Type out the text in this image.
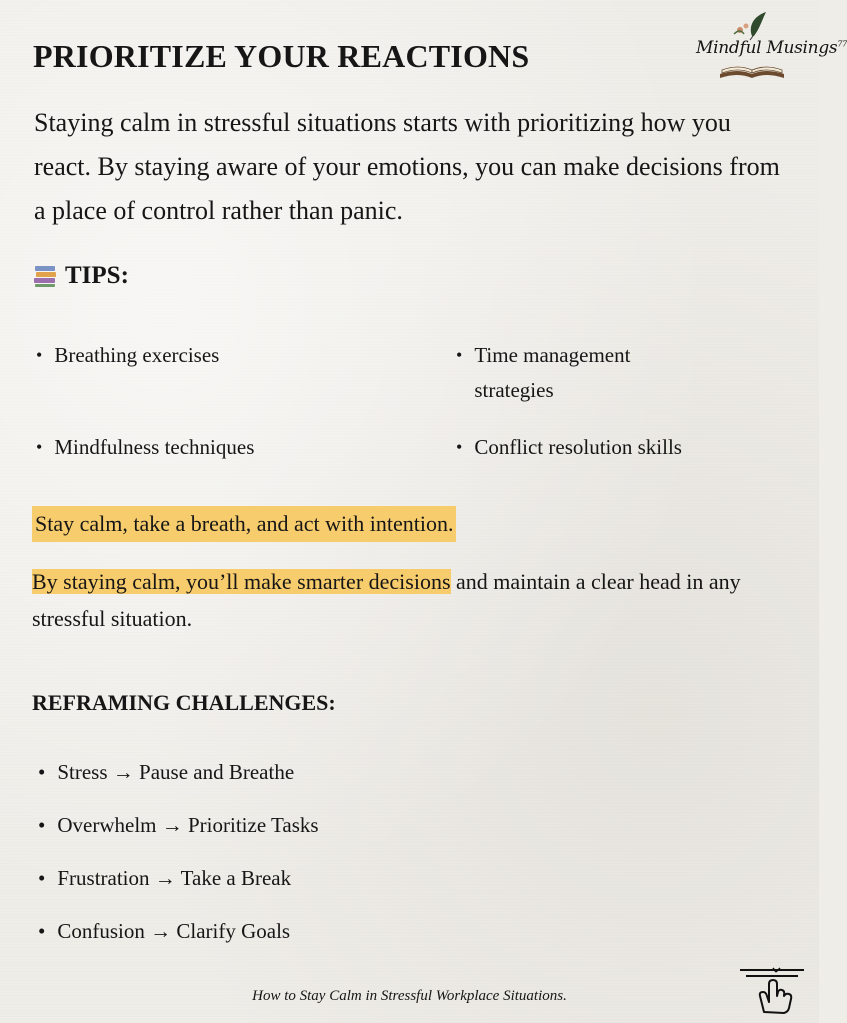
PRIORITIZE YOUR REACTIONS	Mindful Musings$^{77}$
Staying calm in stressful situations starts with prioritizing how you react. By staying aware of your emotions, you can make decisions from a place of control rather than panic.
TIPS:
• Breathing exercises	• Time management strategies
• Mindfulness techniques	• Conflict resolution skills
Stay calm, take a breath, and act with intention.
By staying calm, you’ll make smarter decisions and maintain a clear head in any stressful situation.
REFRAMING CHALLENGES:
• Stress → Pause and Breathe
• Overwhelm → Prioritize Tasks
• Frustration → Take a Break
• Confusion → Clarify Goals
How to Stay Calm in Stressful Workplace Situations.
